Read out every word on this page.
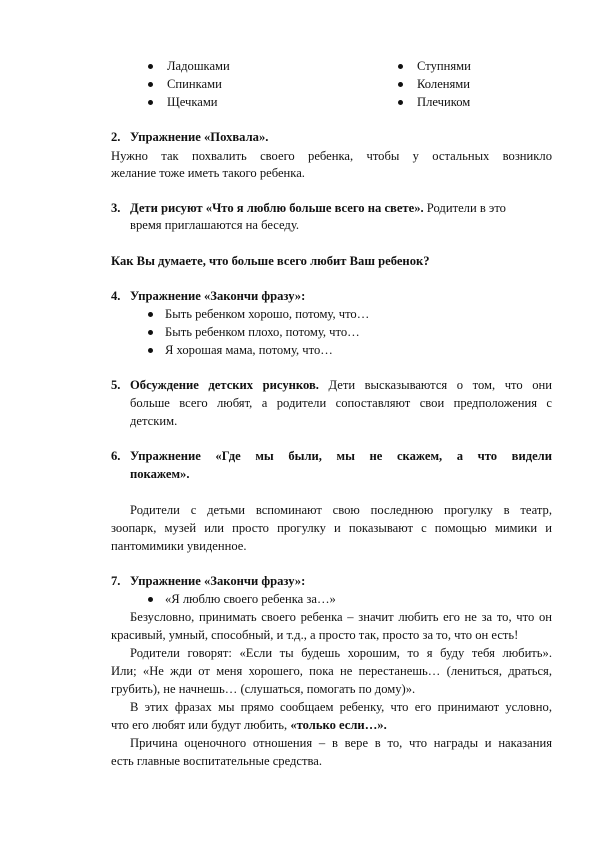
Ладошками
Спинками
Щечками
Ступнями
Коленями
Плечиком
2. Упражнение «Похвала».
Нужно так похвалить своего ребенка, чтобы у остальных возникло
желание тоже иметь такого ребенка.
3. Дети рисуют «Что я люблю больше всего на свете». Родители в это
время приглашаются на беседу.
Как Вы думаете, что больше всего любит Ваш ребенок?
4. Упражнение «Закончи фразу»:
Быть ребенком хорошо, потому, что…
Быть ребенком плохо, потому, что…
Я хорошая мама, потому, что…
5. Обсуждение детских рисунков. Дети высказываются о том, что они
больше всего любят, а родители сопоставляют свои предположения с
детским.
6. Упражнение «Где мы были, мы не скажем, а что видели
покажем».
Родители с детьми вспоминают свою последнюю прогулку в театр,
зоопарк, музей или просто прогулку и показывают с помощью мимики и
пантомимики увиденное.
7. Упражнение «Закончи фразу»:
«Я люблю своего ребенка за…»
Безусловно, принимать своего ребенка – значит любить его не за то, что он
красивый, умный, способный, и т.д., а просто так, просто за то, что он есть!
Родители говорят: «Если ты будешь хорошим, то я буду тебя любить».
Или; «Не жди от меня хорошего, пока не перестанешь… (лениться, драться,
грубить), не начнешь… (слушаться, помогать по дому)».
В этих фразах мы прямо сообщаем ребенку, что его принимают условно,
что его любят или будут любить, «только если…».
Причина оценочного отношения – в вере в то, что награды и наказания
есть главные воспитательные средства.
